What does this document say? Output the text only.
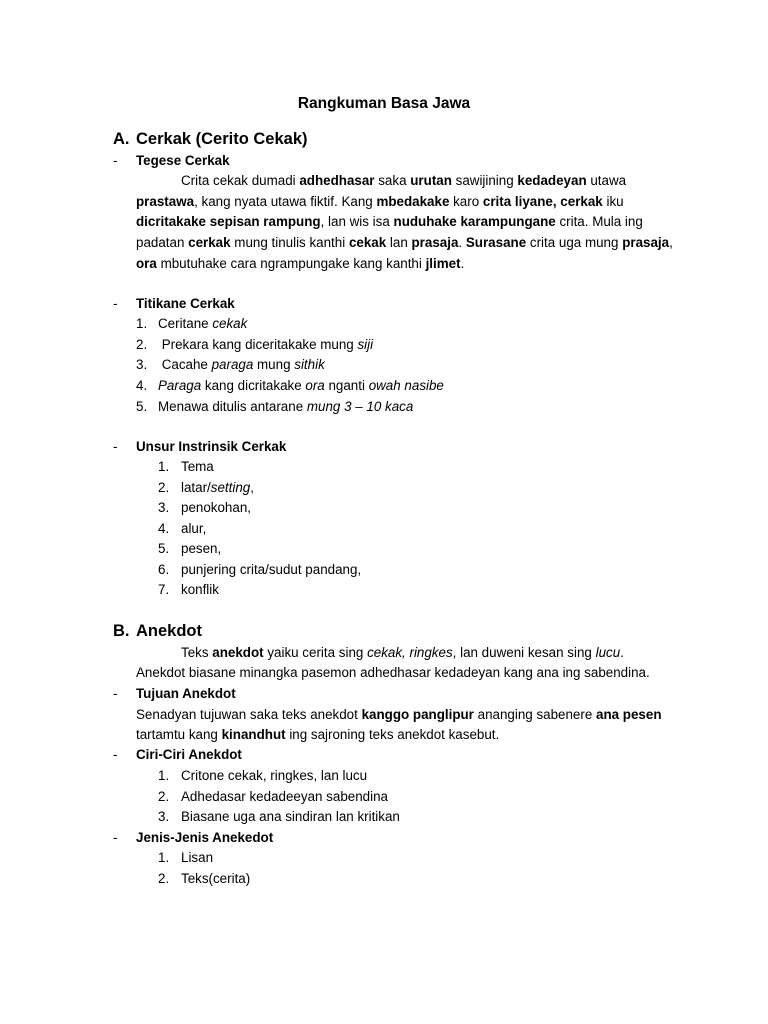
Rangkuman Basa Jawa
A. Cerkak (Cerito Cekak)
- Tegese Cerkak
Crita cekak dumadi adhedhasar saka urutan sawijining kedadeyan utawa
prastawa, kang nyata utawa fiktif. Kang mbedakake karo crita liyane, cerkak iku
dicritakake sepisan rampung, lan wis isa nuduhake karampungane crita. Mula ing
padatan cerkak mung tinulis kanthi cekak lan prasaja. Surasane crita uga mung prasaja,
ora mbutuhake cara ngrampungake kang kanthi jlimet.
- Titikane Cerkak
1. Ceritane cekak
2. Prekara kang diceritakake mung siji
3. Cacahe paraga mung sithik
4. Paraga kang dicritakake ora nganti owah nasibe
5. Menawa ditulis antarane mung 3 – 10 kaca
- Unsur Instrinsik Cerkak
1. Tema
2. latar/setting,
3. penokohan,
4. alur,
5. pesen,
6. punjering crita/sudut pandang,
7. konflik
B. Anekdot
Teks anekdot yaiku cerita sing cekak, ringkes, lan duweni kesan sing lucu.
Anekdot biasane minangka pasemon adhedhasar kedadeyan kang ana ing sabendina.
- Tujuan Anekdot
Senadyan tujuwan saka teks anekdot kanggo panglipur ananging sabenere ana pesen
tartamtu kang kinandhut ing sajroning teks anekdot kasebut.
- Ciri-Ciri Anekdot
1. Critone cekak, ringkes, lan lucu
2. Adhedasar kedadeeyan sabendina
3. Biasane uga ana sindiran lan kritikan
- Jenis-Jenis Anekedot
1. Lisan
2. Teks(cerita)
